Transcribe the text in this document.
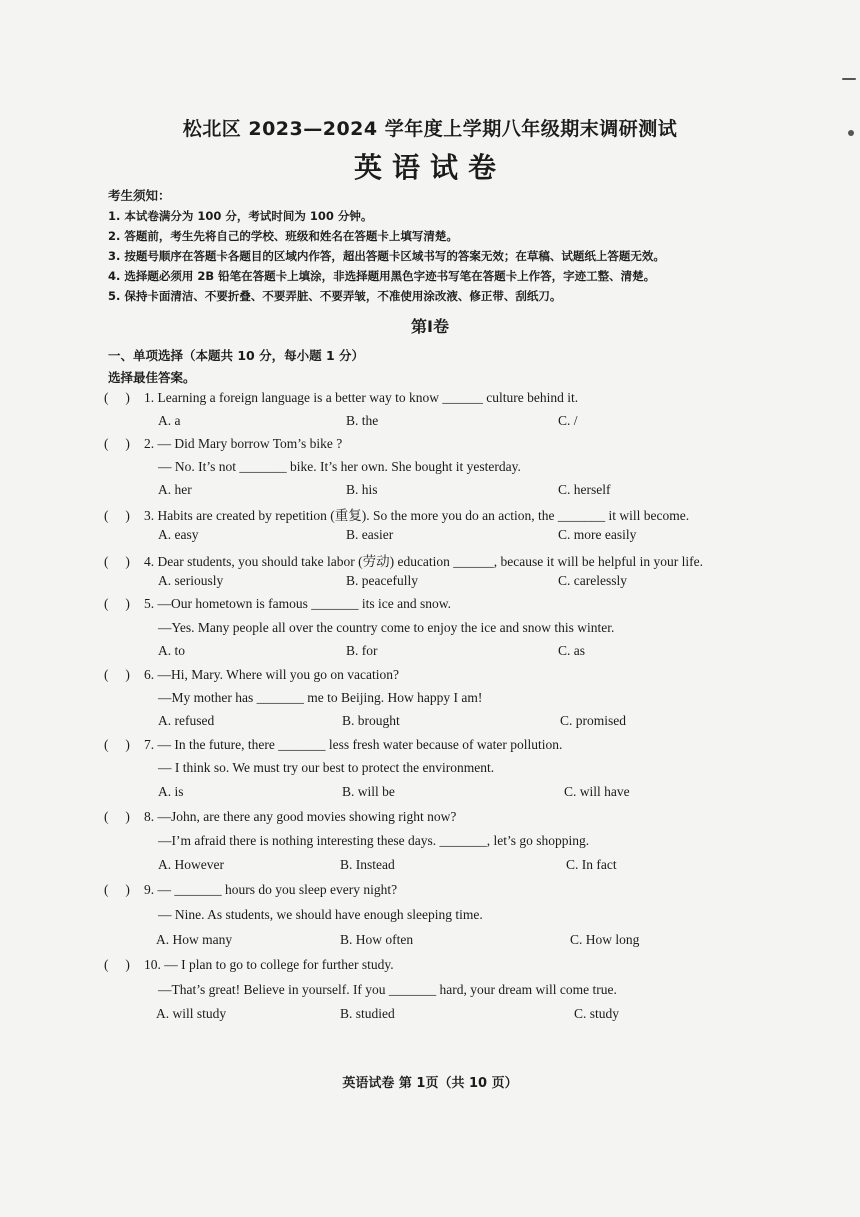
松北区 2023—2024 学年度上学期八年级期末调研测试
英语试卷
考生须知：
1. 本试卷满分为 100 分，考试时间为 100 分钟。
2. 答题前，考生先将自己的学校、班级和姓名在答题卡上填写清楚。
3. 按题号顺序在答题卡各题目的区域内作答，超出答题卡区域书写的答案无效；在草稿、试题纸上答题无效。
4. 选择题必须用 2B 铅笔在答题卡上填涂，非选择题用黑色字迹书写笔在答题卡上作答，字迹工整、清楚。
5. 保持卡面清洁、不要折叠、不要弄脏、不要弄皱，不准使用涂改液、修正带、刮纸刀。
第Ⅰ卷
一、单项选择（本题共 10 分，每小题 1 分）
选择最佳答案。
(     ) 1. Learning a foreign language is a better way to know ______ culture behind it.
A. a	B. the	C. /
(     ) 2. — Did Mary borrow Tom’s bike ?
— No. It’s not _______ bike. It’s her own. She bought it yesterday.
A. her	B. his	C. herself
(     ) 3. Habits are created by repetition (重复). So the more you do an action, the _______ it will become.
A. easy	B. easier	C. more easily
(     ) 4. Dear students, you should take labor (劳动) education ______, because it will be helpful in your life.
A. seriously	B. peacefully	C. carelessly
(     ) 5. —Our hometown is famous _______ its ice and snow.
—Yes. Many people all over the country come to enjoy the ice and snow this winter.
A. to	B. for	C. as
(     ) 6. —Hi, Mary. Where will you go on vacation?
—My mother has _______ me to Beijing. How happy I am!
A. refused	B. brought	C. promised
(     ) 7. — In the future, there _______ less fresh water because of water pollution.
— I think so. We must try our best to protect the environment.
A. is	B. will be	C. will have
(     ) 8. —John, are there any good movies showing right now?
—I’m afraid there is nothing interesting these days. _______, let’s go shopping.
A. However	B. Instead	C. In fact
(     ) 9. — _______ hours do you sleep every night?
— Nine. As students, we should have enough sleeping time.
A. How many	B. How often	C. How long
(     ) 10. — I plan to go to college for further study.
—That’s great! Believe in yourself. If you _______ hard, your dream will come true.
A. will study	B. studied	C. study
英语试卷 第 1页（共 10 页）
